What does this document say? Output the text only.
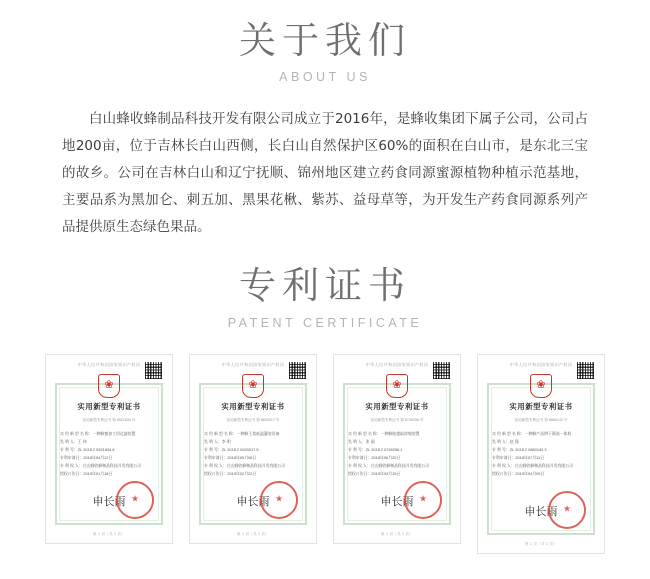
关于我们
ABOUT US

白山蜂收蜂制品科技开发有限公司成立于2016年，是蜂收集团下属子公司，公司占地200亩，位于吉林长白山西侧，长白山自然保护区60%的面积在白山市，是东北三宝的故乡。公司在吉林白山和辽宁抚顺、锦州地区建立药食同源蜜源植物种植示范基地，主要品系为黑加仑、刺五加、黑果花楸、紫苏、益母草等，为开发生产药食同源系列产品提供原生态绿色果品。

专利证书
PATENT CERTIFICATE
中华人民共和国国家知识产权局
❀
实用新型专利证书
实用新型专利证书 第 8521634 号
实 用 新 型 名 称：一种蜂蜜加工用过滤装置
发 明 人：王 伟
专 利 号：ZL 2018 2 0521634.8
专利申请日：2018年04月12日
专 利 权 人：白山蜂收蜂制品科技开发有限公司
授权公告日：2019年01月18日
申长雨
★
第 1 页（共 1 页）
中华人民共和国国家知识产权局
❀
实用新型专利证书
实用新型专利证书 第 8633017 号
实 用 新 型 名 称：一种蜂王浆低温灌装设备
发 明 人：李 明
专 利 号：ZL 2018 2 0633017.5
专利申请日：2018年05月06日
专 利 权 人：白山蜂收蜂制品科技开发有限公司
授权公告日：2019年02月22日
申长雨
★
第 1 页（共 1 页）
中华人民共和国国家知识产权局
❀
实用新型专利证书
实用新型专利证书 第 8749256 号
实 用 新 型 名 称：一种蜂胶提取浓缩装置
发 明 人：张 丽
专 利 号：ZL 2018 2 0749256.1
专利申请日：2018年06月20日
专 利 权 人：白山蜂收蜂制品科技开发有限公司
授权公告日：2019年03月15日
申长雨
★
第 1 页（共 1 页）
中华人民共和国国家知识产权局
❀
实用新型专利证书
实用新型专利证书 第 8860142 号
实 用 新 型 名 称：一种蜂产品烘干筛选一体机
发 明 人：赵 强
专 利 号：ZL 2018 2 0860142.3
专利申请日：2018年07月11日
专 利 权 人：白山蜂收蜂制品科技开发有限公司
授权公告日：2019年04月09日
申长雨
★
第 1 页（共 1 页）
